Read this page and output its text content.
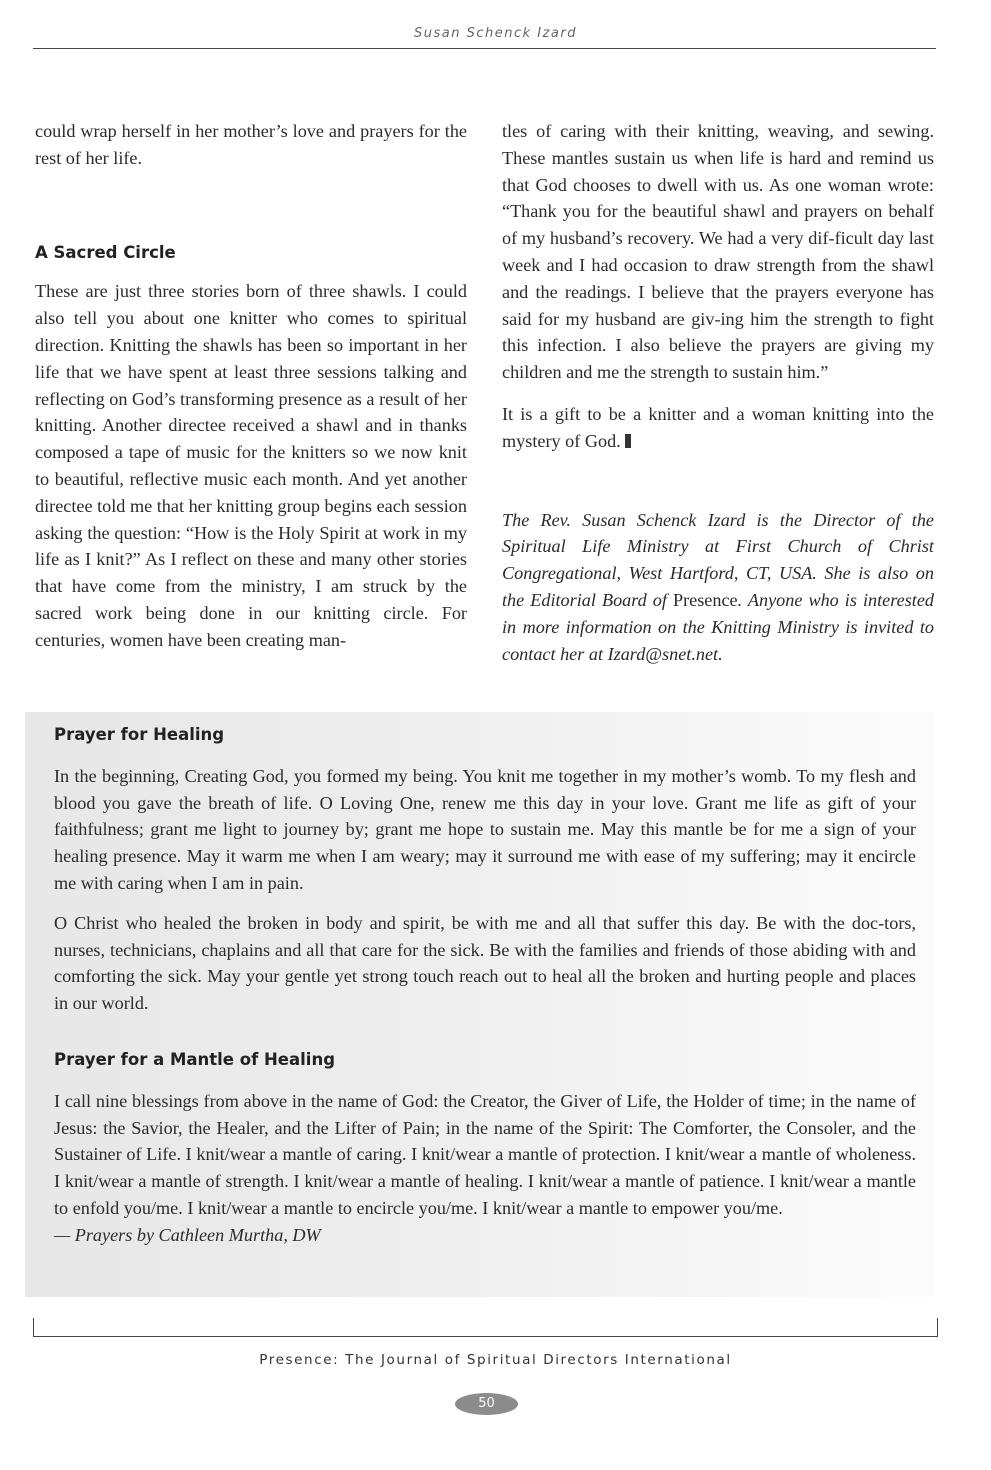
Susan Schenck Izard

could wrap herself in her mother’s love and prayers for the rest of her life.

A Sacred Circle

These are just three stories born of three shawls. I could also tell you about one knitter who comes to spiritual direction. Knitting the shawls has been so important in her life that we have spent at least three sessions talking and reflecting on God’s transforming presence as a result of her knitting. Another directee received a shawl and in thanks composed a tape of music for the knitters so we now knit to beautiful, reflective music each month. And yet another directee told me that her knitting group begins each session asking the question: “How is the Holy Spirit at work in my life as I knit?” As I reflect on these and many other stories that have come from the ministry, I am struck by the sacred work being done in our knitting circle. For centuries, women have been creating man-

tles of caring with their knitting, weaving, and sewing. These mantles sustain us when life is hard and remind us that God chooses to dwell with us. As one woman wrote: “Thank you for the beautiful shawl and prayers on behalf of my husband’s recovery. We had a very dif-ficult day last week and I had occasion to draw strength from the shawl and the readings. I believe that the prayers everyone has said for my husband are giv-ing him the strength to fight this infection. I also believe the prayers are giving my children and me the strength to sustain him.”

It is a gift to be a knitter and a woman knitting into the mystery of God.

The Rev. Susan Schenck Izard is the Director of the Spiritual Life Ministry at First Church of Christ Congregational, West Hartford, CT, USA. She is also on the Editorial Board of Presence. Anyone who is interested in more information on the Knitting Ministry is invited to contact her at Izard@snet.net.

Prayer for Healing

In the beginning, Creating God, you formed my being. You knit me together in my mother’s womb. To my flesh and blood you gave the breath of life. O Loving One, renew me this day in your love. Grant me life as gift of your faithfulness; grant me light to journey by; grant me hope to sustain me. May this mantle be for me a sign of your healing presence. May it warm me when I am weary; may it surround me with ease of my suffering; may it encircle me with caring when I am in pain.

O Christ who healed the broken in body and spirit, be with me and all that suffer this day. Be with the doc-tors, nurses, technicians, chaplains and all that care for the sick. Be with the families and friends of those abiding with and comforting the sick. May your gentle yet strong touch reach out to heal all the broken and hurting people and places in our world.

Prayer for a Mantle of Healing

I call nine blessings from above in the name of God: the Creator, the Giver of Life, the Holder of time; in the name of Jesus: the Savior, the Healer, and the Lifter of Pain; in the name of the Spirit: The Comforter, the Consoler, and the Sustainer of Life. I knit/wear a mantle of caring. I knit/wear a mantle of protection. I knit/wear a mantle of wholeness. I knit/wear a mantle of strength. I knit/wear a mantle of healing. I knit/wear a mantle of patience. I knit/wear a mantle to enfold you/me. I knit/wear a mantle to encircle you/me. I knit/wear a mantle to empower you/me.

— Prayers by Cathleen Murtha, DW

Presence: The Journal of Spiritual Directors International
50
